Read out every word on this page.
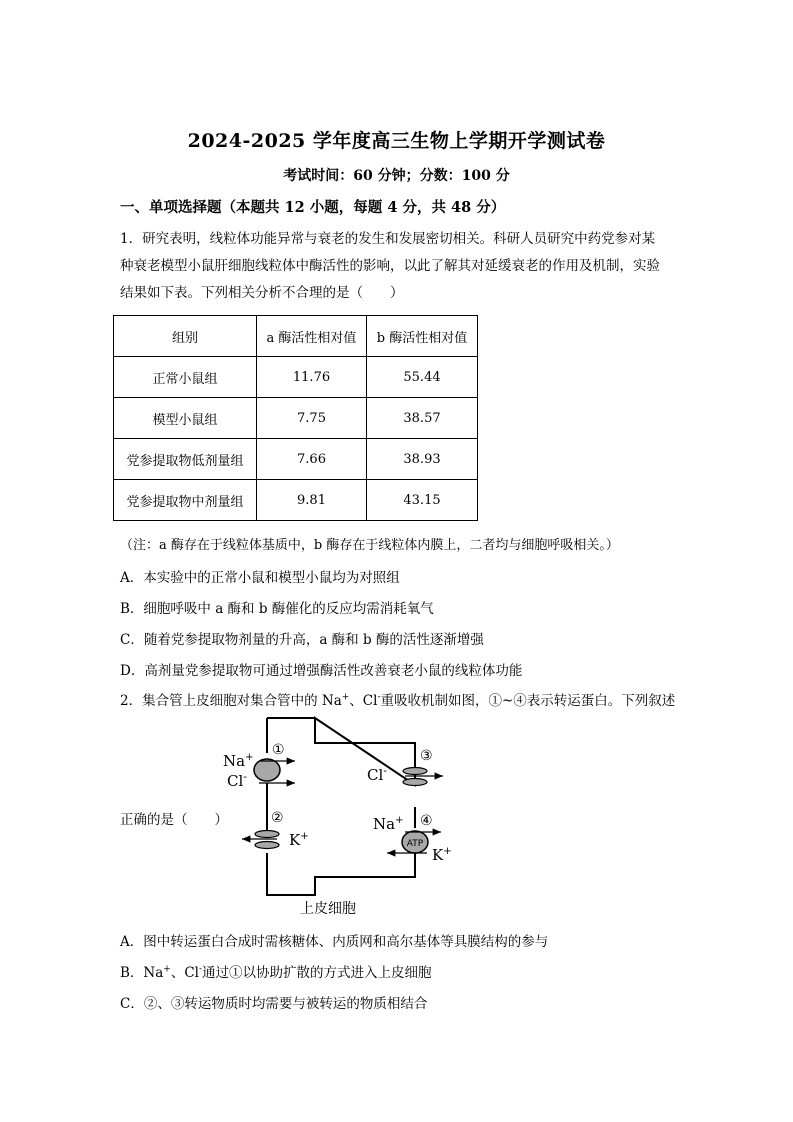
2024-2025 学年度高三生物上学期开学测试卷
考试时间：60 分钟；分数：100 分
一、单项选择题（本题共 12 小题，每题 4 分，共 48 分）
1．研究表明，线粒体功能异常与衰老的发生和发展密切相关。科研人员研究中药党参对某
种衰老模型小鼠肝细胞线粒体中酶活性的影响，以此了解其对延缓衰老的作用及机制，实验
结果如下表。下列相关分析不合理的是（　　）
组别	a 酶活性相对值	b 酶活性相对值
正常小鼠组	11.76	55.44
模型小鼠组	7.75	38.57
党参提取物低剂量组	7.66	38.93
党参提取物中剂量组	9.81	43.15
（注：a 酶存在于线粒体基质中，b 酶存在于线粒体内膜上，二者均与细胞呼吸相关。）
A．本实验中的正常小鼠和模型小鼠均为对照组
B．细胞呼吸中 a 酶和 b 酶催化的反应均需消耗氧气
C．随着党参提取物剂量的升高，a 酶和 b 酶的活性逐渐增强
D．高剂量党参提取物可通过增强酶活性改善衰老小鼠的线粒体功能
2．集合管上皮细胞对集合管中的 Na+、Cl-重吸收机制如图，①~④表示转运蛋白。下列叙述
正确的是（　　）
①
Na+
Cl-
②
K+
③
Cl-
ATP
④
Na+
K+
上皮细胞
A．图中转运蛋白合成时需核糖体、内质网和高尔基体等具膜结构的参与
B．Na+、Cl-通过①以协助扩散的方式进入上皮细胞
C．②、③转运物质时均需要与被转运的物质相结合
